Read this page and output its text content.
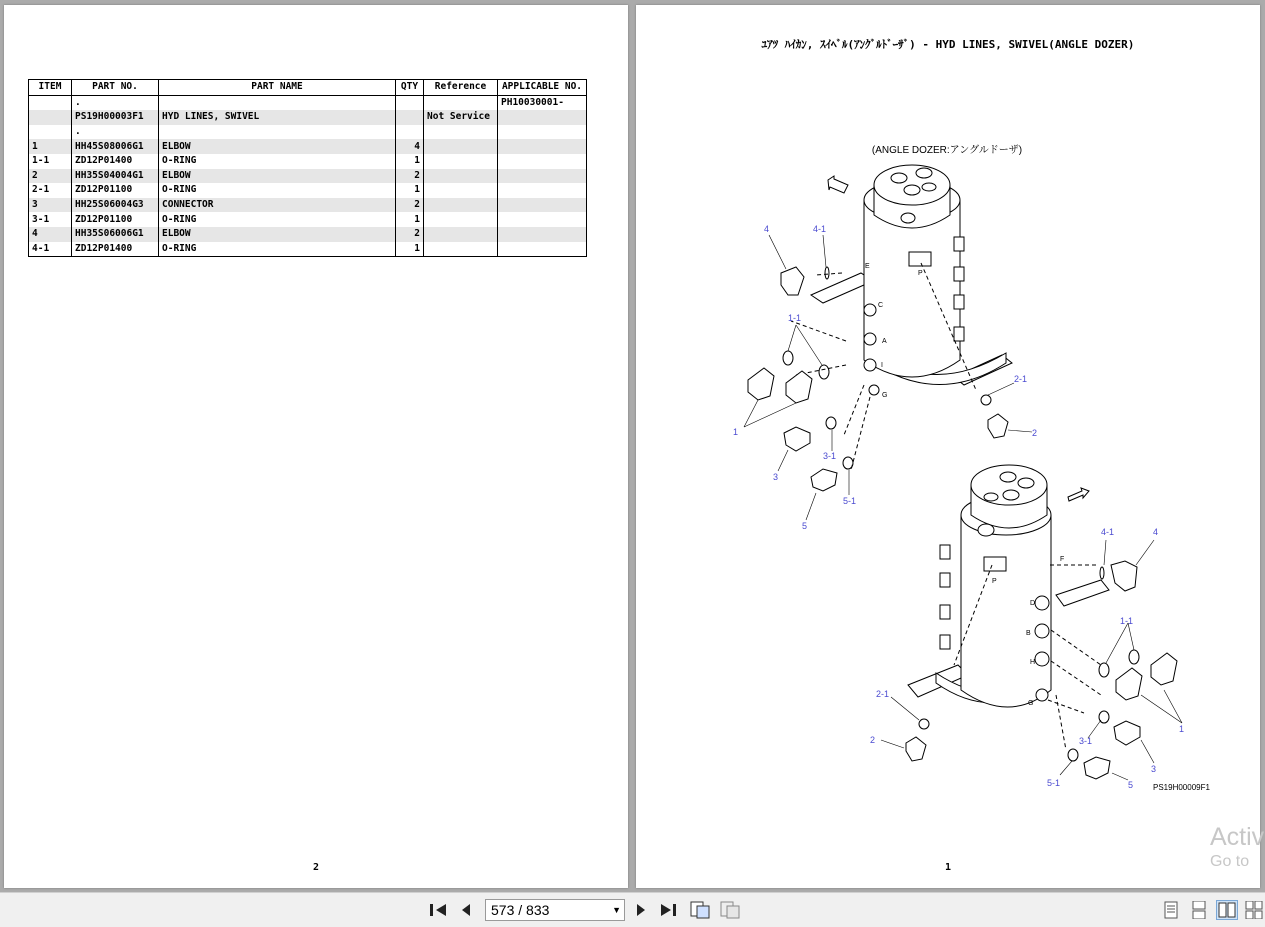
ITEM	PART NO.	PART NAME	QTY	Reference	APPLICABLE NO.
	.				PH10030001-
	PS19H00003F1	HYD LINES, SWIVEL		Not Service	
	.				
1	HH45S08006G1	ELBOW	4		
1-1	ZD12P01400	O-RING	1		
2	HH35S04004G1	ELBOW	2		
2-1	ZD12P01100	O-RING	1		
3	HH25S06004G3	CONNECTOR	2		
3-1	ZD12P01100	O-RING	1		
4	HH35S06006G1	ELBOW	2		
4-1	ZD12P01400	O-RING	1		
2
ﾕｱﾂ ﾊｲｶﾝ, ｽｲﾍﾞﾙ(ｱﾝｸﾞﾙﾄﾞｰｻﾞ) - HYD LINES, SWIVEL(ANGLE DOZER)
(ANGLE DOZER:アングルドーザ)
PS19H00009F1
4	4-1
1-1
1
3
3-1
5-1
5
2-1
2
E
P
C
A
I
G
4-1	4
1-1
1
3
3-1
5-1	5
2-1
2
F
P
D
B
H
G
1
Activ
Go to
573 / 833	▼
